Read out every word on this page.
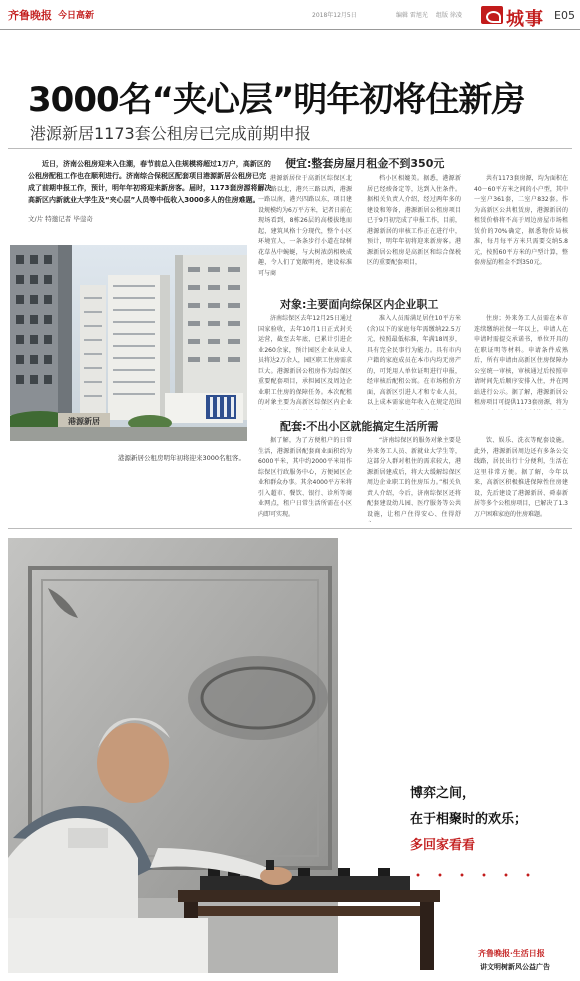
齐鲁晚报 今日高新	2018年12月5日	编辑 雷旭光 组版 徐凌 城事 E05
3000名“夹心层”明年初将住新房
港源新居1173套公租房已完成前期申报
近日，济南公租房迎来入住潮，春节前总入住规模将超过1万户，高新区的公租房配租工作也在顺利进行。济南综合保税区配套项目港源新居公租房已完成了前期申报工作，预计，明年年初将迎来新房客。届时，1173套房源将解决高新区内新就业大学生及“夹心层”人员等中低收入3000多人的住房难题。
文/片 特邀记者 毕蓥奇
港源新居
港源新居公租房明年初将迎来3000名租客。
便宜:整套房屋月租金不到350元

港源新居位于高新区综保区北路二路以北，港兴三路以西，港源一路以南，港兴四路以东，项目建设规模约为6万平方米，记者日前在现场看到，8栋26层的高楼拔地而起，建筑风格十分现代，整个小区环境宜人，一条条步行小道在绿树花草丛中蜿蜒，与大树浓荫相映成趣，令人们了宽敞明亮，建设标准可与商

档小区相媲美。据悉，港源新居已经竣备定等，达到入住条件。据相关负责人介绍，经过两年多的建设和筹备，港源新居公租房项目已于9月初完成了申报工作，目前，港源新居的审核工作正在进行中，预计，明年年初将迎来新房客。港源新居公租房是高新区和综合保税区的重要配套项目，

共有1173套房源，均为面积在40－60平方米之间的小户型，其中一室户361套，二室户832套。作为高新区公共租赁房，港源新居的租赁价格将不高于周边房屋市场租赁价的70%确定，据悉物价局核准，每月每平方米只需要交纳5.8元，按照60平方米的户型计算，整套房屋的租金不到350元。

对象:主要面向综保区内企业职工

济南综保区去年12月25日通过国家验收，去年10月1日正式封关运营，截至去年底，已累计引进企业260余家，预计园区企业从业人员将达2万余人，园区职工住房需求巨大。港源新居公租房作为综保区重要配套项目，承担园区及周边企业职工住房的保障任务。本次配租的对象主要为高新区综保区内企业

准入人员需满足居住10平方米(含)以下的家庭每年需缴纳22.5万元，按照最低标准，年满18周岁，具有完全民事行为能力。具有市内户籍的家庭成员在本市内均无房产的，可凭用人单位证明进行申报，经审核后配租公寓。在市场租价方面，高新区引进人才和专业人员，以上成本需家庭年收入在规定范围

住房；外来务工人员需在本市连续缴纳社保一年以上，申请人在申请时需提交承诺书，单位开具的在职证明等材料。申请条件成熟后，所有申请由高新区住房保障办公室统一审核，审核通过后按照申请时间先后顺序安排入住，并在网站进行公示。据了解，港源新居公租房项目可提供1173套房源，将为

配套:不出小区就能搞定生活所需

据了解，为了方便租户的日常生活，港源新居配套商业面积约为6000平米，其中约2000平米用作综保区行政服务中心，方便园区企业和群众办事。其余4000平方米将引入超市、餐饮、银行、诊所等商业网点，租户日常生活所需在小区内即可实现。

“济南综保区的服务对象主要是外来务工人员、新就业大学生等，这部分人群对租住的需求较大，港源新居建成后，将大大缓解综保区周边企业职工的住房压力。”相关负责人介绍，今后，济南综保区还将配套建设幼儿园、医疗服务等公共设施，让租户住得安心、住得舒

饮、娱乐、洗衣等配套设施。此外，港源新居周边还有多条公交线路，居民出行十分便利，生活在这里非常方便。据了解，今年以来，高新区积极推进保障性住房建设，先后建设了港源新居、舜泰新居等多个公租房项目，已解决了1.3万户困难家庭的住房难题。

博弈之间，
在于相聚时的欢乐；
多回家看看
・・・・・・
齐鲁晚报·生活日报
讲文明树新风公益广告
